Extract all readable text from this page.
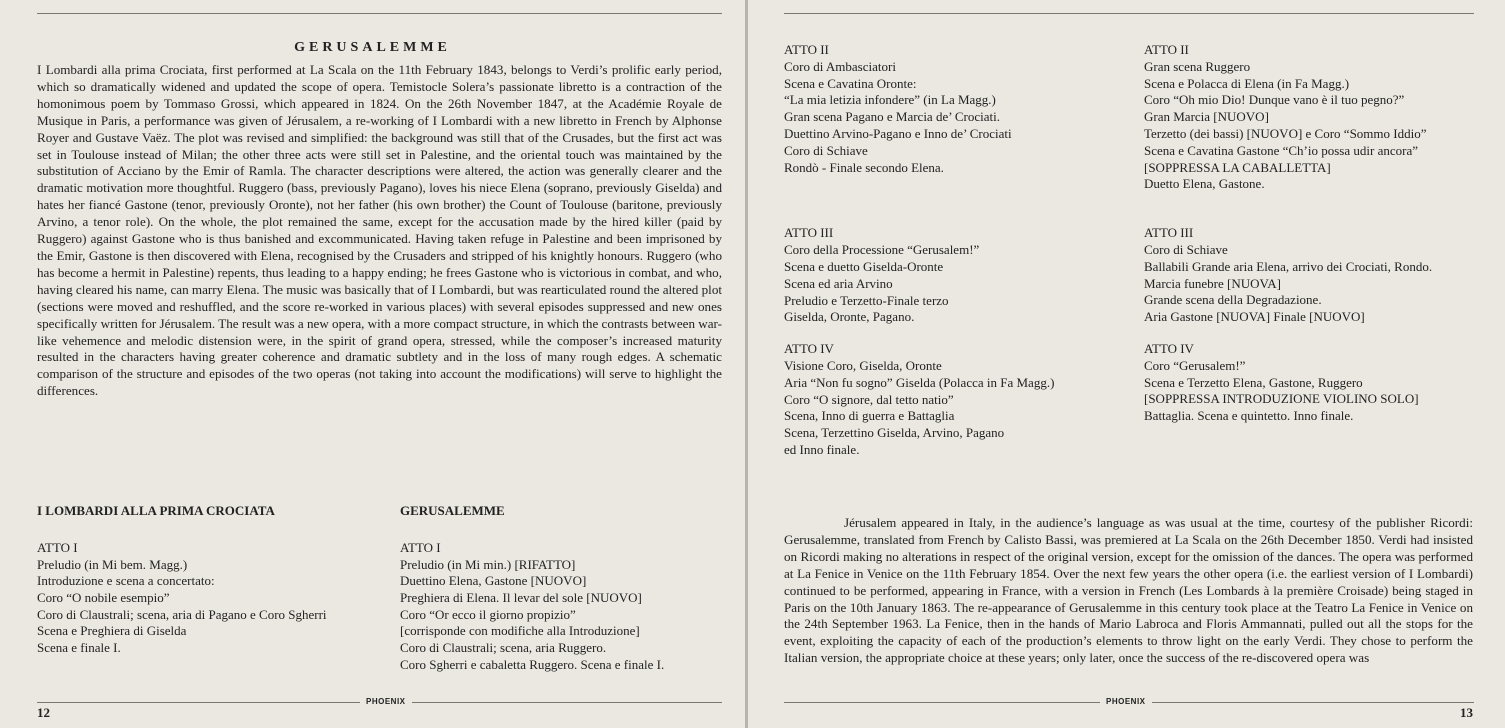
GERUSALEMME
I Lombardi alla prima Crociata, first performed at La Scala on the 11th February 1843, belongs to Verdi’s prolific early period, which so dramatically widened and updated the scope of opera. Temistocle Solera’s passionate libretto is a contraction of the homonimous poem by Tommaso Grossi, which appeared in 1824. On the 26th November 1847, at the Académie Royale de Musique in Paris, a performance was given of Jérusalem, a re-working of I Lombardi with a new libretto in French by Alphonse Royer and Gustave Vaëz. The plot was revised and simplified: the background was still that of the Crusades, but the first act was set in Toulouse instead of Milan; the other three acts were still set in Palestine, and the oriental touch was maintained by the substitution of Acciano by the Emir of Ramla. The character descriptions were altered, the action was generally clearer and the dramatic motivation more thoughtful. Ruggero (bass, previously Pagano), loves his niece Elena (soprano, previously Giselda) and hates her fiancé Gastone (tenor, previously Oronte), not her father (his own brother) the Count of Toulouse (baritone, previously Arvino, a tenor role). On the whole, the plot remained the same, except for the accusation made by the hired killer (paid by Ruggero) against Gastone who is thus banished and excommunicated. Having taken refuge in Palestine and been imprisoned by the Emir, Gastone is then discovered with Elena, recognised by the Crusaders and stripped of his knightly honours. Ruggero (who has become a hermit in Palestine) repents, thus leading to a happy ending; he frees Gastone who is victorious in combat, and who, having cleared his name, can marry Elena. The music was basically that of I Lombardi, but was rearticulated round the altered plot (sections were moved and reshuffled, and the score re-worked in various places) with several episodes suppressed and new ones specifically written for Jérusalem. The result was a new opera, with a more compact structure, in which the contrasts between war-like vehemence and melodic distension were, in the spirit of grand opera, stressed, while the composer’s increased maturity resulted in the characters having greater coherence and dramatic subtlety and in the loss of many rough edges. A schematic comparison of the structure and episodes of the two operas (not taking into account the modifications) will serve to highlight the differences.
I LOMBARDI ALLA PRIMA CROCIATA	GERUSALEMME
ATTO I
Preludio (in Mi bem. Magg.)
Introduzione e scena a concertato:
Coro “O nobile esempio”
Coro di Claustrali; scena, aria di Pagano e Coro Sgherri
Scena e Preghiera di Giselda
Scena e finale I.
ATTO I
Preludio (in Mi min.) [RIFATTO]
Duettino Elena, Gastone [NUOVO]
Preghiera di Elena. Il levar del sole [NUOVO]
Coro “Or ecco il giorno propizio”
[corrisponde con modifiche alla Introduzione]
Coro di Claustrali; scena, aria Ruggero.
Coro Sgherri e cabaletta Ruggero. Scena e finale I.
PHOENIX
12
ATTO II
Coro di Ambasciatori
Scena e Cavatina Oronte:
“La mia letizia infondere” (in La Magg.)
Gran scena Pagano e Marcia de’ Crociati.
Duettino Arvino-Pagano e Inno de’ Crociati
Coro di Schiave
Rondò - Finale secondo Elena.
ATTO III
Coro della Processione “Gerusalem!”
Scena e duetto Giselda-Oronte
Scena ed aria Arvino
Preludio e Terzetto-Finale terzo
Giselda, Oronte, Pagano.
ATTO IV
Visione Coro, Giselda, Oronte
Aria “Non fu sogno” Giselda (Polacca in Fa Magg.)
Coro “O signore, dal tetto natio”
Scena, Inno di guerra e Battaglia
Scena, Terzettino Giselda, Arvino, Pagano
ed Inno finale.
ATTO II
Gran scena Ruggero
Scena e Polacca di Elena (in Fa Magg.)
Coro “Oh mio Dio! Dunque vano è il tuo pegno?”
Gran Marcia [NUOVO]
Terzetto (dei bassi) [NUOVO] e Coro “Sommo Iddio”
Scena e Cavatina Gastone “Ch’io possa udir ancora”
[SOPPRESSA LA CABALLETTA]
Duetto Elena, Gastone.
ATTO III
Coro di Schiave
Ballabili Grande aria Elena, arrivo dei Crociati, Rondo.
Marcia funebre [NUOVA]
Grande scena della Degradazione.
Aria Gastone [NUOVA] Finale [NUOVO]
ATTO IV
Coro “Gerusalem!”
Scena e Terzetto Elena, Gastone, Ruggero
[SOPPRESSA INTRODUZIONE VIOLINO SOLO]
Battaglia. Scena e quintetto. Inno finale.
Jérusalem appeared in Italy, in the audience’s language as was usual at the time, courtesy of the publisher Ricordi: Gerusalemme, translated from French by Calisto Bassi, was premiered at La Scala on the 26th December 1850. Verdi had insisted on Ricordi making no alterations in respect of the original version, except for the omission of the dances. The opera was performed at La Fenice in Venice on the 11th February 1854. Over the next few years the other opera (i.e. the earliest version of I Lombardi) continued to be performed, appearing in France, with a version in French (Les Lombards à la première Croisade) being staged in Paris on the 10th January 1863. The re-appearance of Gerusalemme in this century took place at the Teatro La Fenice in Venice on the 24th September 1963. La Fenice, then in the hands of Mario Labroca and Floris Ammannati, pulled out all the stops for the event, exploiting the capacity of each of the production’s elements to throw light on the early Verdi. They chose to perform the Italian version, the appropriate choice at these years; only later, once the success of the re-discovered opera was
PHOENIX
13
